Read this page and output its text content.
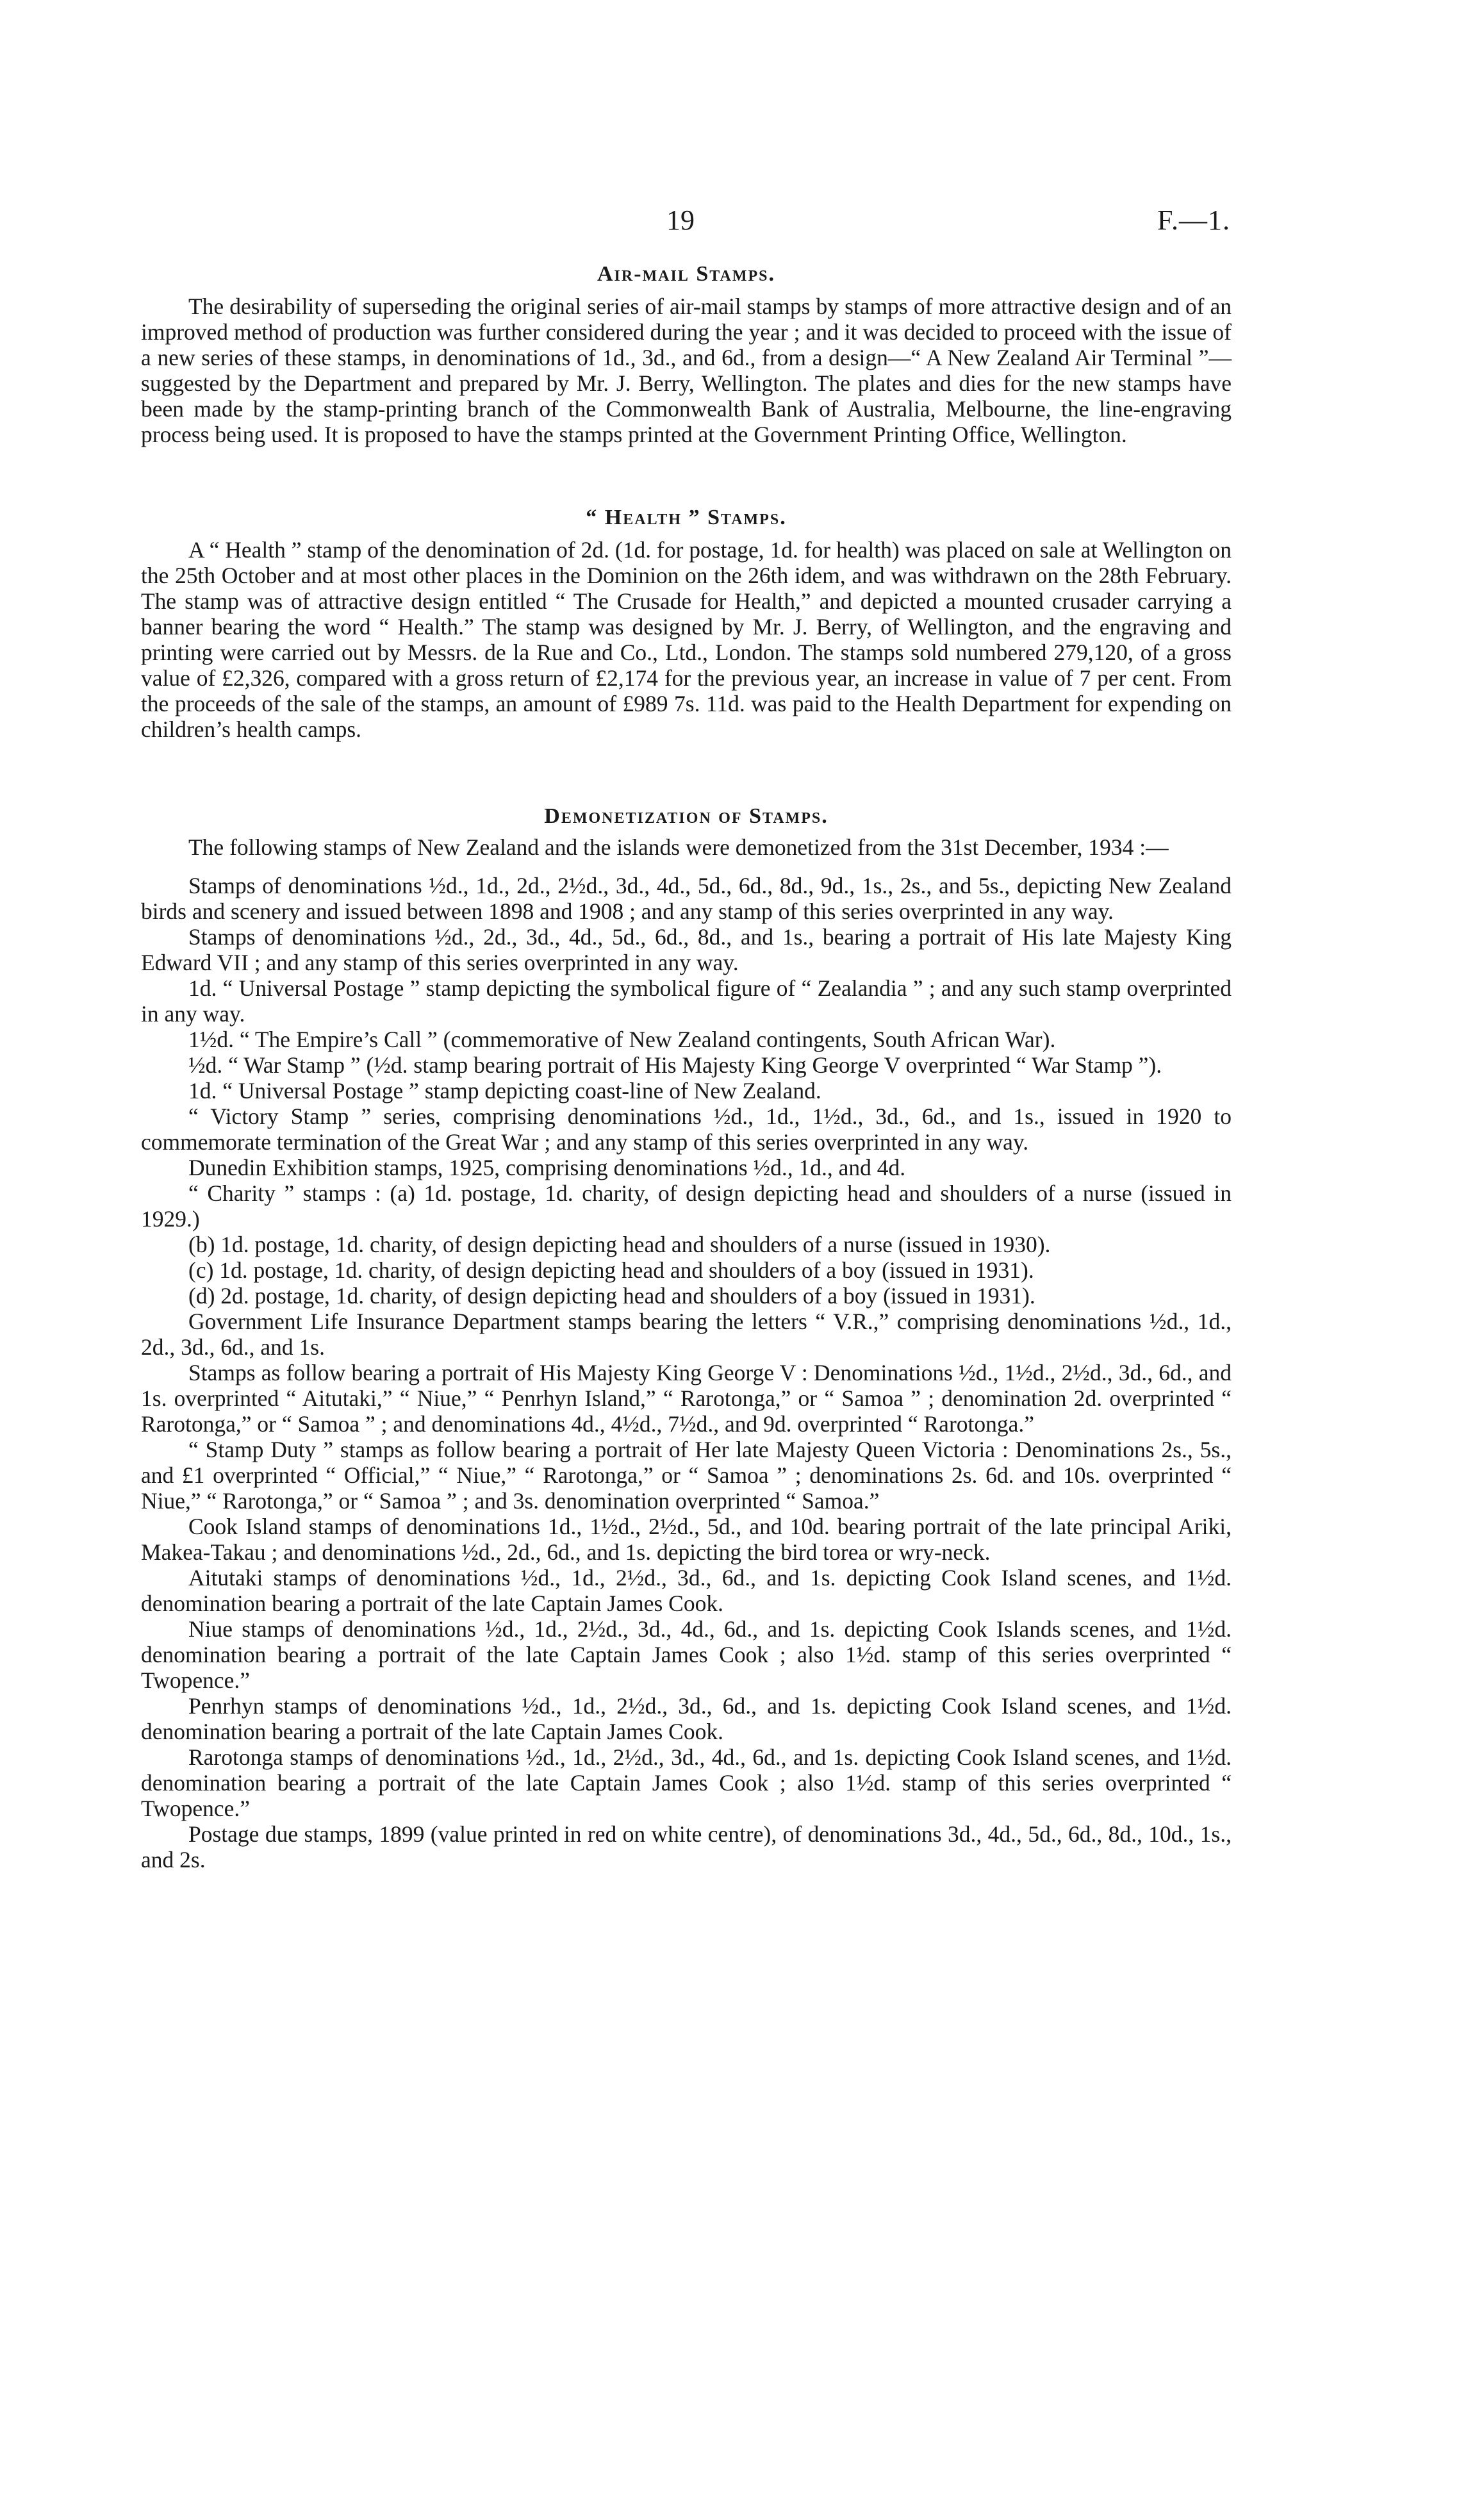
19	F.—1.
Air-mail Stamps.

The desirability of superseding the original series of air-mail stamps by stamps of more attractive design and of an improved method of production was further considered during the year ; and it was decided to proceed with the issue of a new series of these stamps, in denominations of 1d., 3d., and 6d., from a design—“ A New Zealand Air Terminal ”—suggested by the Department and prepared by Mr. J. Berry, Wellington. The plates and dies for the new stamps have been made by the stamp-printing branch of the Commonwealth Bank of Australia, Melbourne, the line-engraving process being used. It is proposed to have the stamps printed at the Government Printing Office, Wellington.

“ Health ” Stamps.

A “ Health ” stamp of the denomination of 2d. (1d. for postage, 1d. for health) was placed on sale at Wellington on the 25th October and at most other places in the Dominion on the 26th idem, and was withdrawn on the 28th February. The stamp was of attractive design entitled “ The Crusade for Health,” and depicted a mounted crusader carrying a banner bearing the word “ Health.” The stamp was designed by Mr. J. Berry, of Wellington, and the engraving and printing were carried out by Messrs. de la Rue and Co., Ltd., London. The stamps sold numbered 279,120, of a gross value of £2,326, compared with a gross return of £2,174 for the previous year, an increase in value of 7 per cent. From the proceeds of the sale of the stamps, an amount of £989 7s. 11d. was paid to the Health Department for expending on children’s health camps.

Demonetization of Stamps.

The following stamps of New Zealand and the islands were demonetized from the 31st December, 1934 :—

Stamps of denominations ½d., 1d., 2d., 2½d., 3d., 4d., 5d., 6d., 8d., 9d., 1s., 2s., and 5s., depicting New Zealand birds and scenery and issued between 1898 and 1908 ; and any stamp of this series overprinted in any way.

Stamps of denominations ½d., 2d., 3d., 4d., 5d., 6d., 8d., and 1s., bearing a portrait of His late Majesty King Edward VII ; and any stamp of this series overprinted in any way.

1d. “ Universal Postage ” stamp depicting the symbolical figure of “ Zealandia ” ; and any such stamp overprinted in any way.

1½d. “ The Empire’s Call ” (commemorative of New Zealand contingents, South African War).

½d. “ War Stamp ” (½d. stamp bearing portrait of His Majesty King George V overprinted “ War Stamp ”).

1d. “ Universal Postage ” stamp depicting coast-line of New Zealand.

“ Victory Stamp ” series, comprising denominations ½d., 1d., 1½d., 3d., 6d., and 1s., issued in 1920 to commemorate termination of the Great War ; and any stamp of this series overprinted in any way.

Dunedin Exhibition stamps, 1925, comprising denominations ½d., 1d., and 4d.

“ Charity ” stamps : (a) 1d. postage, 1d. charity, of design depicting head and shoulders of a nurse (issued in 1929.)

(b) 1d. postage, 1d. charity, of design depicting head and shoulders of a nurse (issued in 1930).

(c) 1d. postage, 1d. charity, of design depicting head and shoulders of a boy (issued in 1931).

(d) 2d. postage, 1d. charity, of design depicting head and shoulders of a boy (issued in 1931).

Government Life Insurance Department stamps bearing the letters “ V.R.,” comprising denominations ½d., 1d., 2d., 3d., 6d., and 1s.

Stamps as follow bearing a portrait of His Majesty King George V : Denominations ½d., 1½d., 2½d., 3d., 6d., and 1s. overprinted “ Aitutaki,” “ Niue,” “ Penrhyn Island,” “ Rarotonga,” or “ Samoa ” ; denomination 2d. overprinted “ Rarotonga,” or “ Samoa ” ; and denominations 4d., 4½d., 7½d., and 9d. overprinted “ Rarotonga.”

“ Stamp Duty ” stamps as follow bearing a portrait of Her late Majesty Queen Victoria : Denominations 2s., 5s., and £1 overprinted “ Official,” “ Niue,” “ Rarotonga,” or “ Samoa ” ; denominations 2s. 6d. and 10s. overprinted “ Niue,” “ Rarotonga,” or “ Samoa ” ; and 3s. denomination overprinted “ Samoa.”

Cook Island stamps of denominations 1d., 1½d., 2½d., 5d., and 10d. bearing portrait of the late principal Ariki, Makea-Takau ; and denominations ½d., 2d., 6d., and 1s. depicting the bird torea or wry-neck.

Aitutaki stamps of denominations ½d., 1d., 2½d., 3d., 6d., and 1s. depicting Cook Island scenes, and 1½d. denomination bearing a portrait of the late Captain James Cook.

Niue stamps of denominations ½d., 1d., 2½d., 3d., 4d., 6d., and 1s. depicting Cook Islands scenes, and 1½d. denomination bearing a portrait of the late Captain James Cook ; also 1½d. stamp of this series overprinted “ Twopence.”

Penrhyn stamps of denominations ½d., 1d., 2½d., 3d., 6d., and 1s. depicting Cook Island scenes, and 1½d. denomination bearing a portrait of the late Captain James Cook.

Rarotonga stamps of denominations ½d., 1d., 2½d., 3d., 4d., 6d., and 1s. depicting Cook Island scenes, and 1½d. denomination bearing a portrait of the late Captain James Cook ; also 1½d. stamp of this series overprinted “ Twopence.”

Postage due stamps, 1899 (value printed in red on white centre), of denominations 3d., 4d., 5d., 6d., 8d., 10d., 1s., and 2s.
